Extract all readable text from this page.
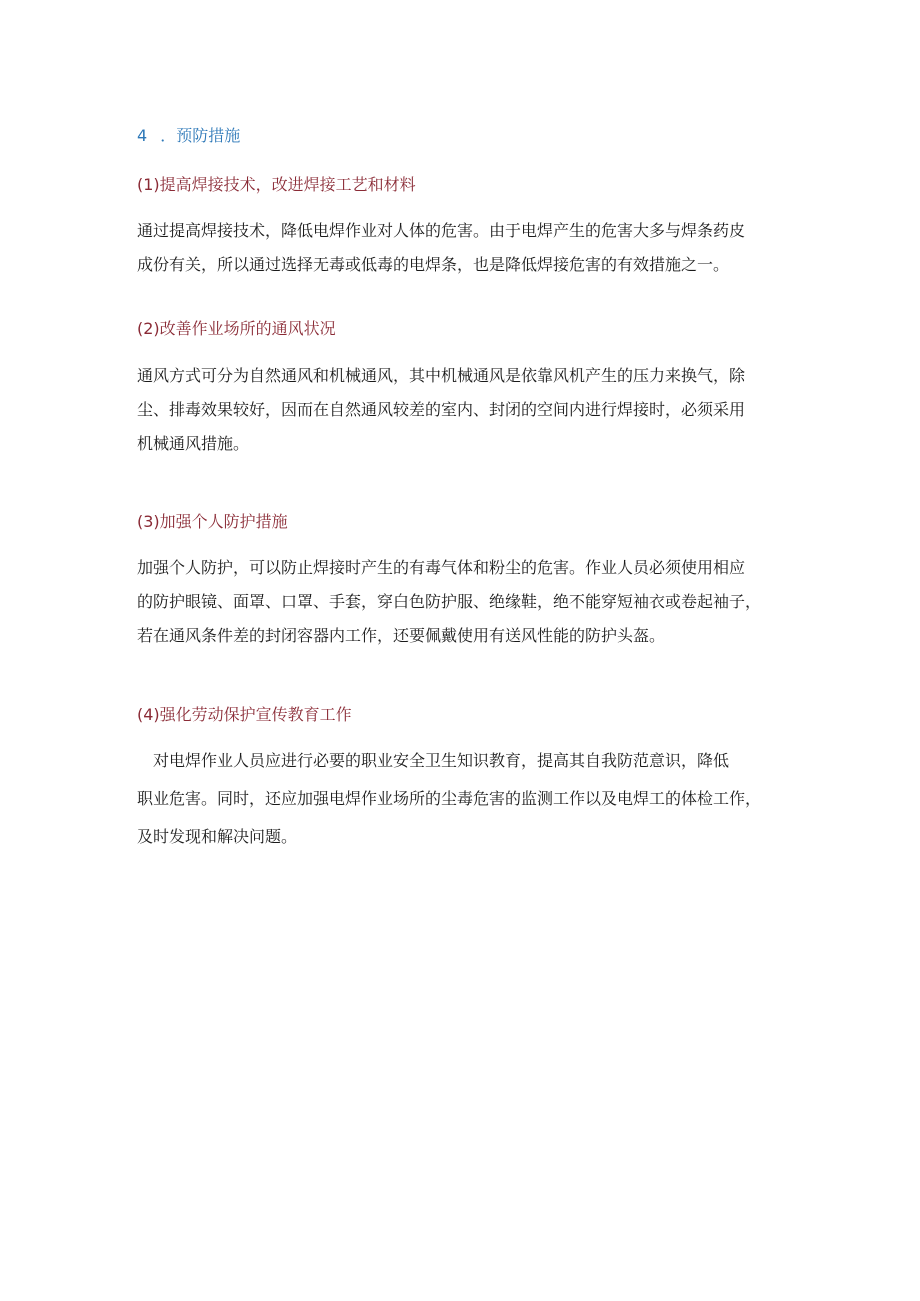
4 ．预防措施
(1)提高焊接技术，改进焊接工艺和材料
通过提高焊接技术，降低电焊作业对人体的危害。由于电焊产生的危害大多与焊条药皮
成份有关，所以通过选择无毒或低毒的电焊条，也是降低焊接危害的有效措施之一。
(2)改善作业场所的通风状况
通风方式可分为自然通风和机械通风，其中机械通风是依靠风机产生的压力来换气，除
尘、排毒效果较好，因而在自然通风较差的室内、封闭的空间内进行焊接时，必须采用
机械通风措施。
(3)加强个人防护措施
加强个人防护，可以防止焊接时产生的有毒气体和粉尘的危害。作业人员必须使用相应
的防护眼镜、面罩、口罩、手套，穿白色防护服、绝缘鞋，绝不能穿短袖衣或卷起袖子，
若在通风条件差的封闭容器内工作，还要佩戴使用有送风性能的防护头盔。
(4)强化劳动保护宣传教育工作
　对电焊作业人员应进行必要的职业安全卫生知识教育，提高其自我防范意识，降低
职业危害。同时，还应加强电焊作业场所的尘毒危害的监测工作以及电焊工的体检工作，
及时发现和解决问题。
